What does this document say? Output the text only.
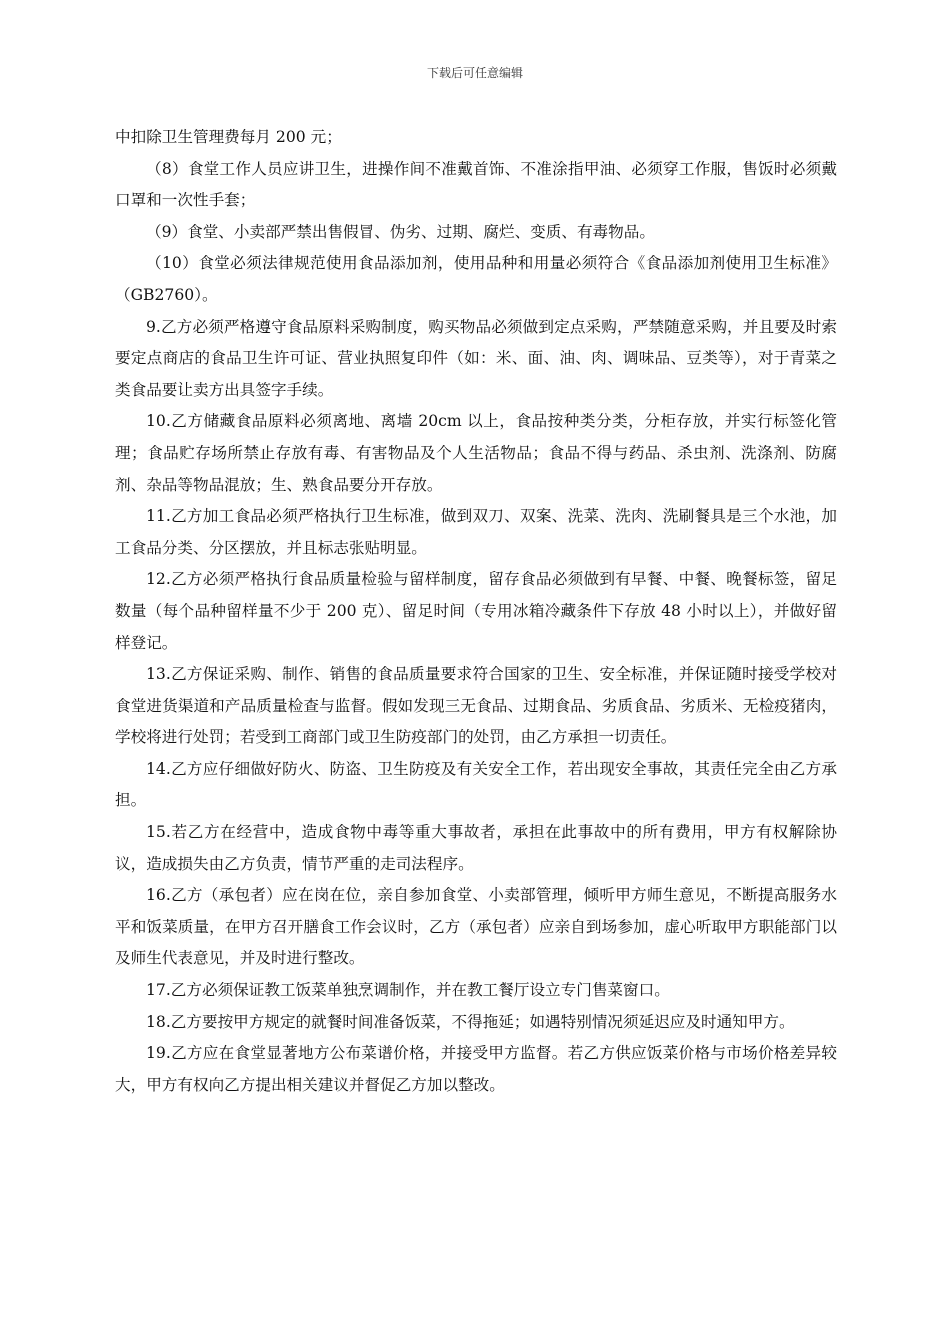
下载后可任意编辑

中扣除卫生管理费每月 200 元；

（8）食堂工作人员应讲卫生，进操作间不准戴首饰、不准涂指甲油、必须穿工作服，售饭时必须戴口罩和一次性手套；

（9）食堂、小卖部严禁出售假冒、伪劣、过期、腐烂、变质、有毒物品。

（10）食堂必须法律规范使用食品添加剂，使用品种和用量必须符合《食品添加剂使用卫生标准》（GB2760）。

9.乙方必须严格遵守食品原料采购制度，购买物品必须做到定点采购，严禁随意采购，并且要及时索要定点商店的食品卫生许可证、营业执照复印件（如：米、面、油、肉、调味品、豆类等），对于青菜之类食品要让卖方出具签字手续。

10.乙方储藏食品原料必须离地、离墙 20cm 以上，食品按种类分类，分柜存放，并实行标签化管理；食品贮存场所禁止存放有毒、有害物品及个人生活物品；食品不得与药品、杀虫剂、洗涤剂、防腐剂、杂品等物品混放；生、熟食品要分开存放。

11.乙方加工食品必须严格执行卫生标准，做到双刀、双案、洗菜、洗肉、洗刷餐具是三个水池，加工食品分类、分区摆放，并且标志张贴明显。

12.乙方必须严格执行食品质量检验与留样制度，留存食品必须做到有早餐、中餐、晚餐标签，留足数量（每个品种留样量不少于 200 克）、留足时间（专用冰箱冷藏条件下存放 48 小时以上），并做好留样登记。

13.乙方保证采购、制作、销售的食品质量要求符合国家的卫生、安全标准，并保证随时接受学校对食堂进货渠道和产品质量检查与监督。假如发现三无食品、过期食品、劣质食品、劣质米、无检疫猪肉，学校将进行处罚；若受到工商部门或卫生防疫部门的处罚，由乙方承担一切责任。

14.乙方应仔细做好防火、防盗、卫生防疫及有关安全工作，若出现安全事故，其责任完全由乙方承担。

15.若乙方在经营中，造成食物中毒等重大事故者，承担在此事故中的所有费用，甲方有权解除协议，造成损失由乙方负责，情节严重的走司法程序。

16.乙方（承包者）应在岗在位，亲自参加食堂、小卖部管理，倾听甲方师生意见，不断提高服务水平和饭菜质量，在甲方召开膳食工作会议时，乙方（承包者）应亲自到场参加，虚心听取甲方职能部门以及师生代表意见，并及时进行整改。

17.乙方必须保证教工饭菜单独烹调制作，并在教工餐厅设立专门售菜窗口。

18.乙方要按甲方规定的就餐时间准备饭菜，不得拖延；如遇特别情况须延迟应及时通知甲方。

19.乙方应在食堂显著地方公布菜谱价格，并接受甲方监督。若乙方供应饭菜价格与市场价格差异较大，甲方有权向乙方提出相关建议并督促乙方加以整改。
